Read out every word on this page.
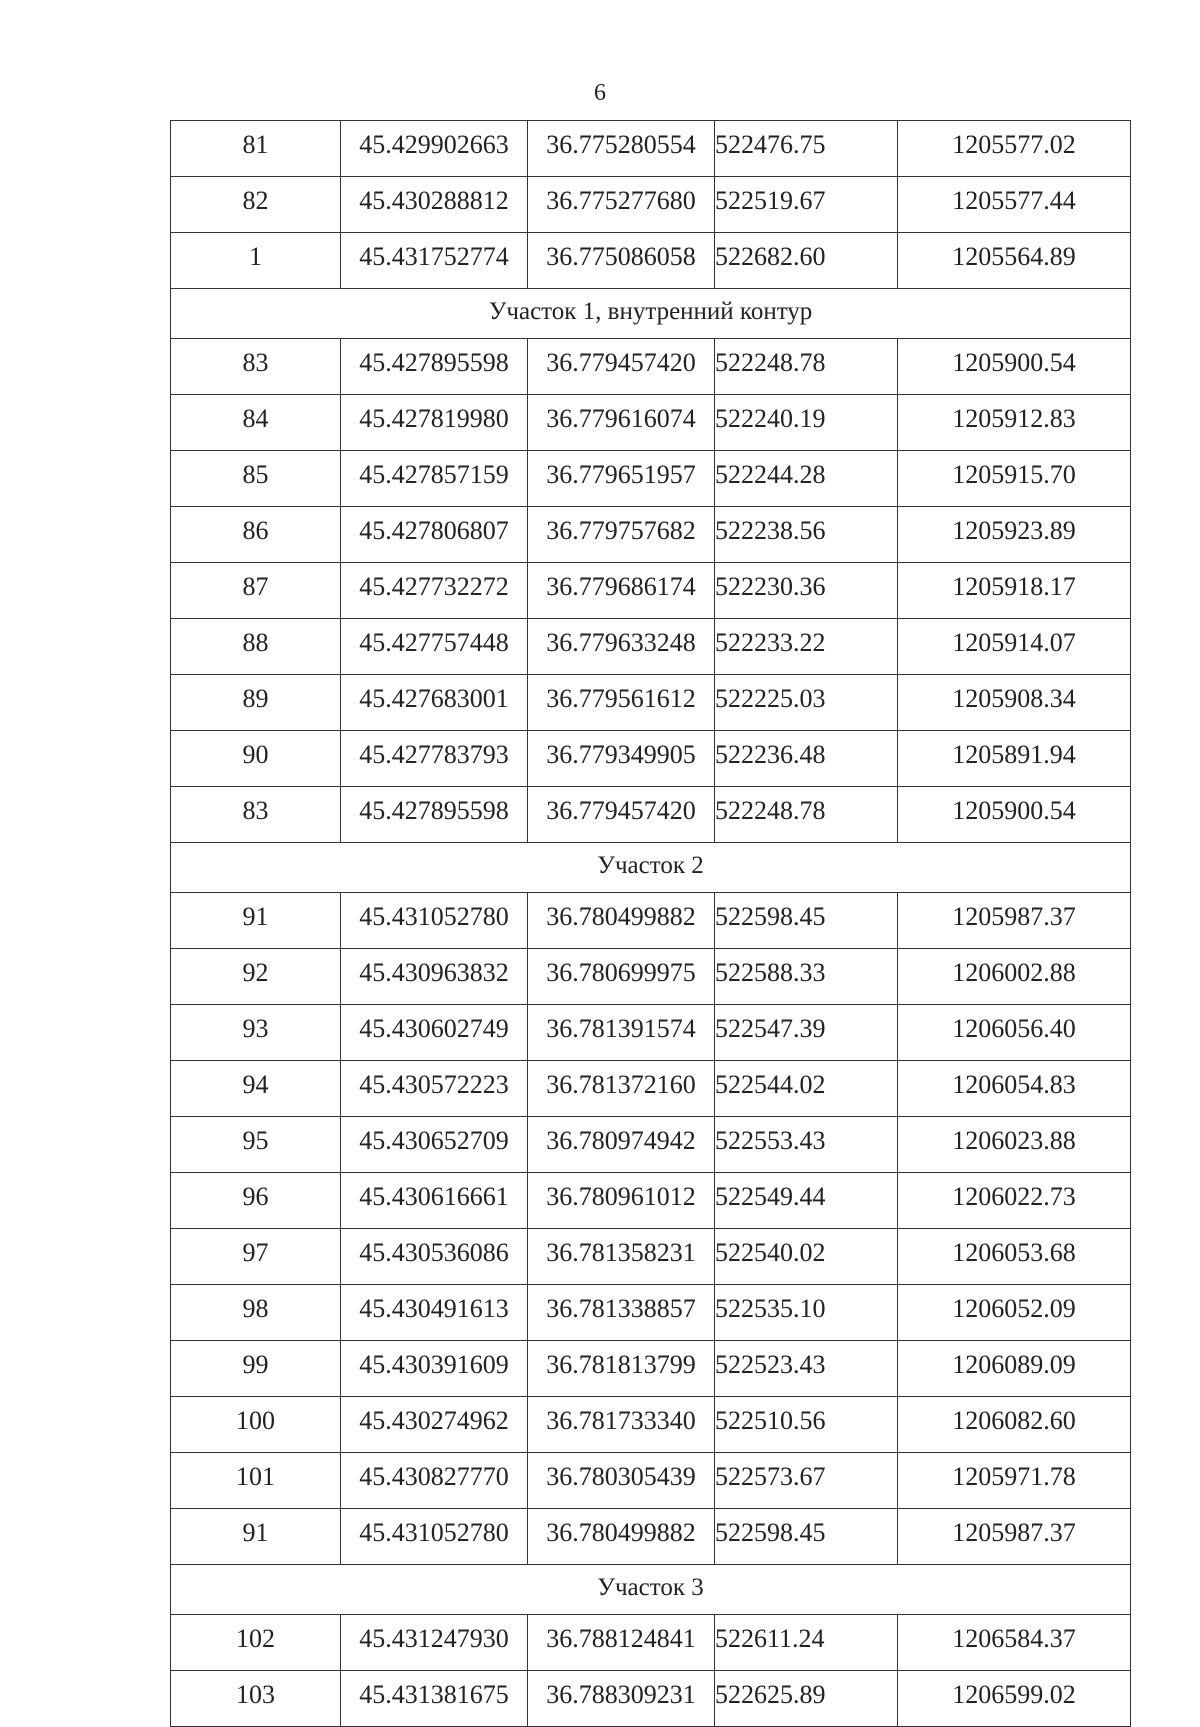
6
81	45.429902663	36.775280554	522476.75	1205577.02
82	45.430288812	36.775277680	522519.67	1205577.44
1	45.431752774	36.775086058	522682.60	1205564.89
Участок 1, внутренний контур				
83	45.427895598	36.779457420	522248.78	1205900.54
84	45.427819980	36.779616074	522240.19	1205912.83
85	45.427857159	36.779651957	522244.28	1205915.70
86	45.427806807	36.779757682	522238.56	1205923.89
87	45.427732272	36.779686174	522230.36	1205918.17
88	45.427757448	36.779633248	522233.22	1205914.07
89	45.427683001	36.779561612	522225.03	1205908.34
90	45.427783793	36.779349905	522236.48	1205891.94
83	45.427895598	36.779457420	522248.78	1205900.54
Участок 2				
91	45.431052780	36.780499882	522598.45	1205987.37
92	45.430963832	36.780699975	522588.33	1206002.88
93	45.430602749	36.781391574	522547.39	1206056.40
94	45.430572223	36.781372160	522544.02	1206054.83
95	45.430652709	36.780974942	522553.43	1206023.88
96	45.430616661	36.780961012	522549.44	1206022.73
97	45.430536086	36.781358231	522540.02	1206053.68
98	45.430491613	36.781338857	522535.10	1206052.09
99	45.430391609	36.781813799	522523.43	1206089.09
100	45.430274962	36.781733340	522510.56	1206082.60
101	45.430827770	36.780305439	522573.67	1205971.78
91	45.431052780	36.780499882	522598.45	1205987.37
Участок 3				
102	45.431247930	36.788124841	522611.24	1206584.37
103	45.431381675	36.788309231	522625.89	1206599.02
